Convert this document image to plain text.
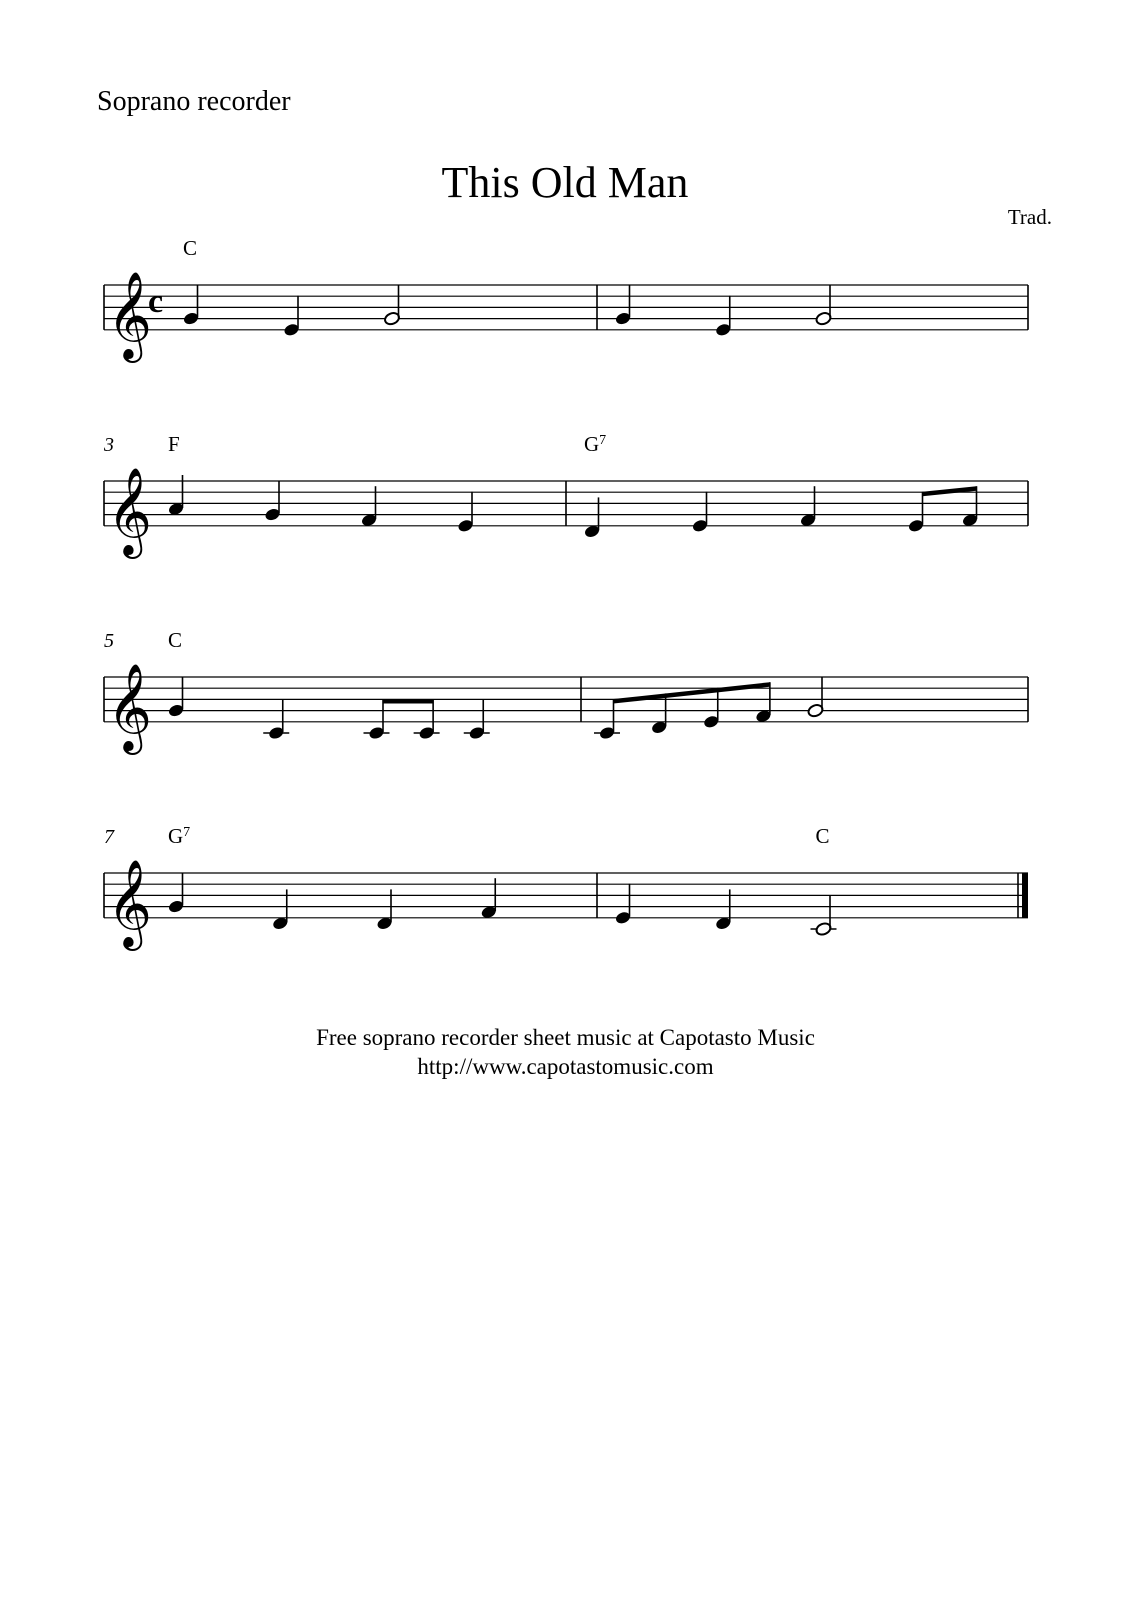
Soprano recorder
This Old Man
Trad.
𝄞
c
C
𝄞
3	F	$G^7$
𝄞
5	C
𝄞
7	$G^7$	C
Free soprano recorder sheet music at Capotasto Music
http://www.capotastomusic.com
